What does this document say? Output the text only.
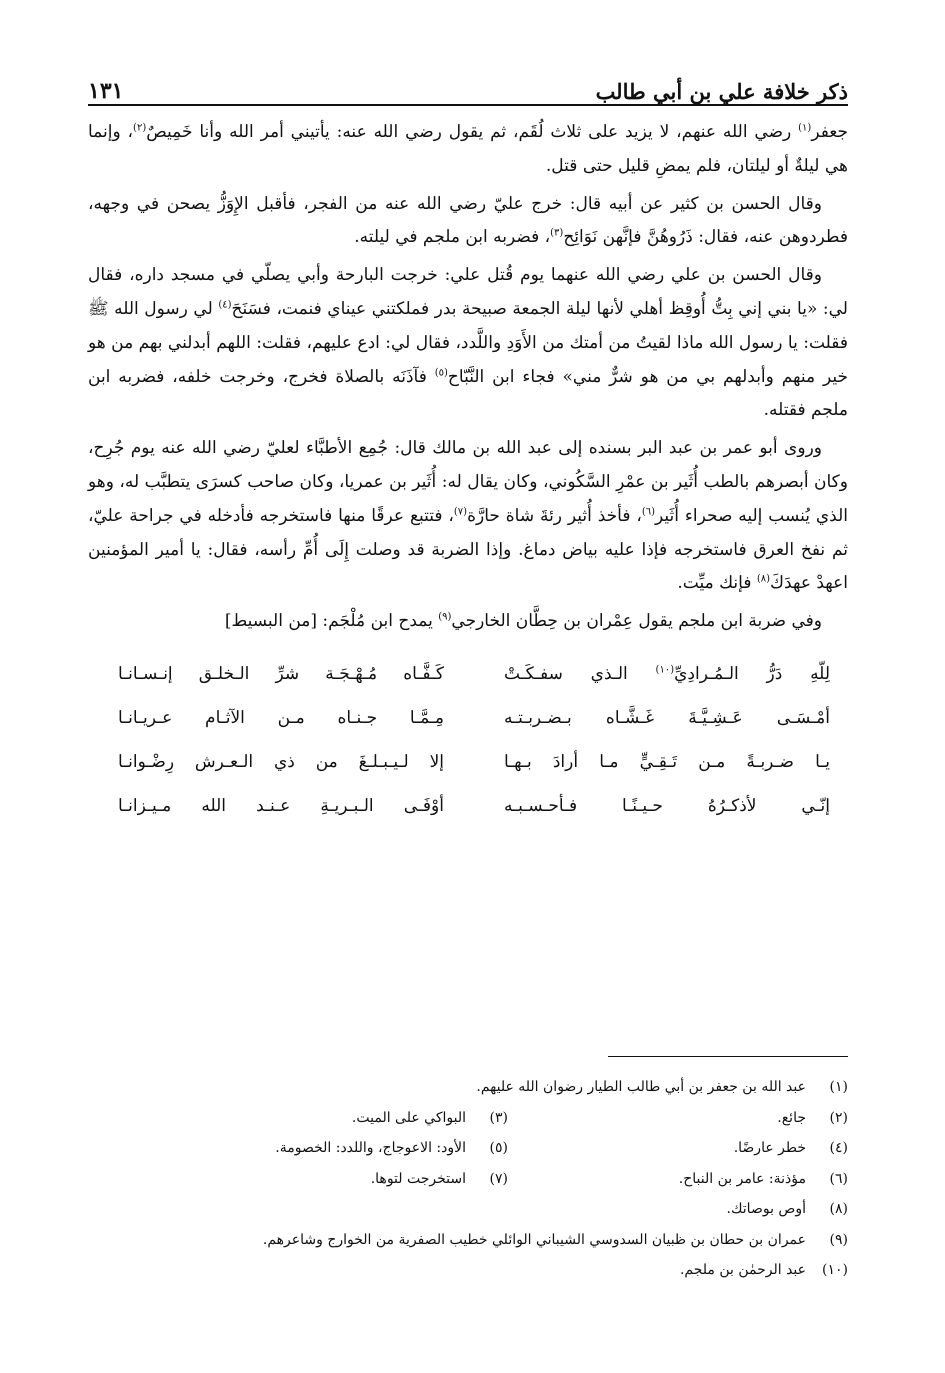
ذكر خلافة علي بن أبي طالب
١٣١

جعفر$^{(١)}$ رضي الله عنهم، لا يزيد على ثلاث لُقَم، ثم يقول رضي الله عنه: يأتيني أمر الله وأنا خَمِيصٌ$^{(٢)}$، وإنما هي ليلةٌ أو ليلتان، فلم يمضِ قليل حتى قتل.

وقال الحسن بن كثير عن أبيه قال: خرج عليّ رضي الله عنه من الفجر، فأقبل الإِوَزُّ يصحن في وجهه، فطردوهن عنه، فقال: ذَرُوهُنَّ فإنَّهن نَوَائِح$^{(٣)}$، فضربه ابن ملجم في ليلته.

وقال الحسن بن علي رضي الله عنهما يوم قُتل علي: خرجت البارحة وأبي يصلّي في مسجد داره، فقال لي: «يا بني إني بِتُّ أُوقِظ أهلي لأنها ليلة الجمعة صبيحة بدر فملكتني عيناي فنمت، فسَنَحَ$^{(٤)}$ لي رسول الله ﷺ فقلت: يا رسول الله ماذا لقيتُ من أمتك من الأَوَدِ واللَّدد، فقال لي: ادع عليهم، فقلت: اللهم أبدلني بهم من هو خير منهم وأبدلهم بي من هو شرٌّ مني» فجاء ابن النَّبّاح$^{(٥)}$ فآذَنَه بالصلاة فخرج، وخرجت خلفه، فضربه ابن ملجم فقتله.

وروى أبو عمر بن عبد البر بسنده إلى عبد الله بن مالك قال: جُمِع الأطبَّاء لعليّ رضي الله عنه يوم جُرِح، وكان أبصرهم بالطب أُثَير بن عمْرِ السَّكُوني، وكان يقال له: أُثَير بن عمريا، وكان صاحب كسرَى يتطبَّب له، وهو الذي يُنسب إليه صحراء أُثَير$^{(٦)}$، فأخذ أُثير رئةَ شاة حارَّة$^{(٧)}$، فتتبع عرقًا منها فاستخرجه فأدخله في جراحة عليّ، ثم نفخ العرق فاستخرجه فإذا عليه بياض دماغ. وإذا الضربة قد وصلت إِلَى أُمِّ رأسه، فقال: يا أمير المؤمنين اعهدْ عهدَكَ$^{(٨)}$ فإنك ميِّت.

وفي ضربة ابن ملجم يقول عِمْران بن حِطَّان الخارجي$^{(٩)}$ يمدح ابن مُلْجَم: [من البسيط]

لِلّهِ دَرُّ الـمُـرادِيِّ$^{(١٠)}$ الـذي سفـكَـتْ
كَـفَّـاه مُـهْـجَـة شرِّ الـخلـق إنـسـانـا
أمْـسَـى عَـشِـيَّـةَ غَـشَّـاه بـضـربـتـه
مِـمَّـا جـنـاه مـن الآثـام عـريـانـا
يـا ضـربـةً مـن تَـقِـيٍّ مـا أرادَ بـهـا
إلا لـيـبـلـغَ من ذي الـعـرش رِضْـوانـا
إنّـي لأذكـرُهُ حـيـنًـا فـأحـسـبـه
أوْفَـى الـبـريـةِ عـنـد الله مـيـزانـا
(١)
عبد الله بن جعفر بن أبي طالب الطيار رضوان الله عليهم.
(٢)
جائع.
(٣)
البواكي على الميت.
(٤)
خطر عارضًا.
(٥)
الأود: الاعوجاج، واللدد: الخصومة.
(٦)
مؤذنة: عامر بن النباح.
(٧)
استخرجت لتوها.
(٨)
أوص بوصاتك.
(٩)
عمران بن حطان بن ظبيان السدوسي الشيباني الوائلي خطيب الصفرية من الخوارج وشاعرهم.
(١٠)
عبد الرحمٰن بن ملجم.
